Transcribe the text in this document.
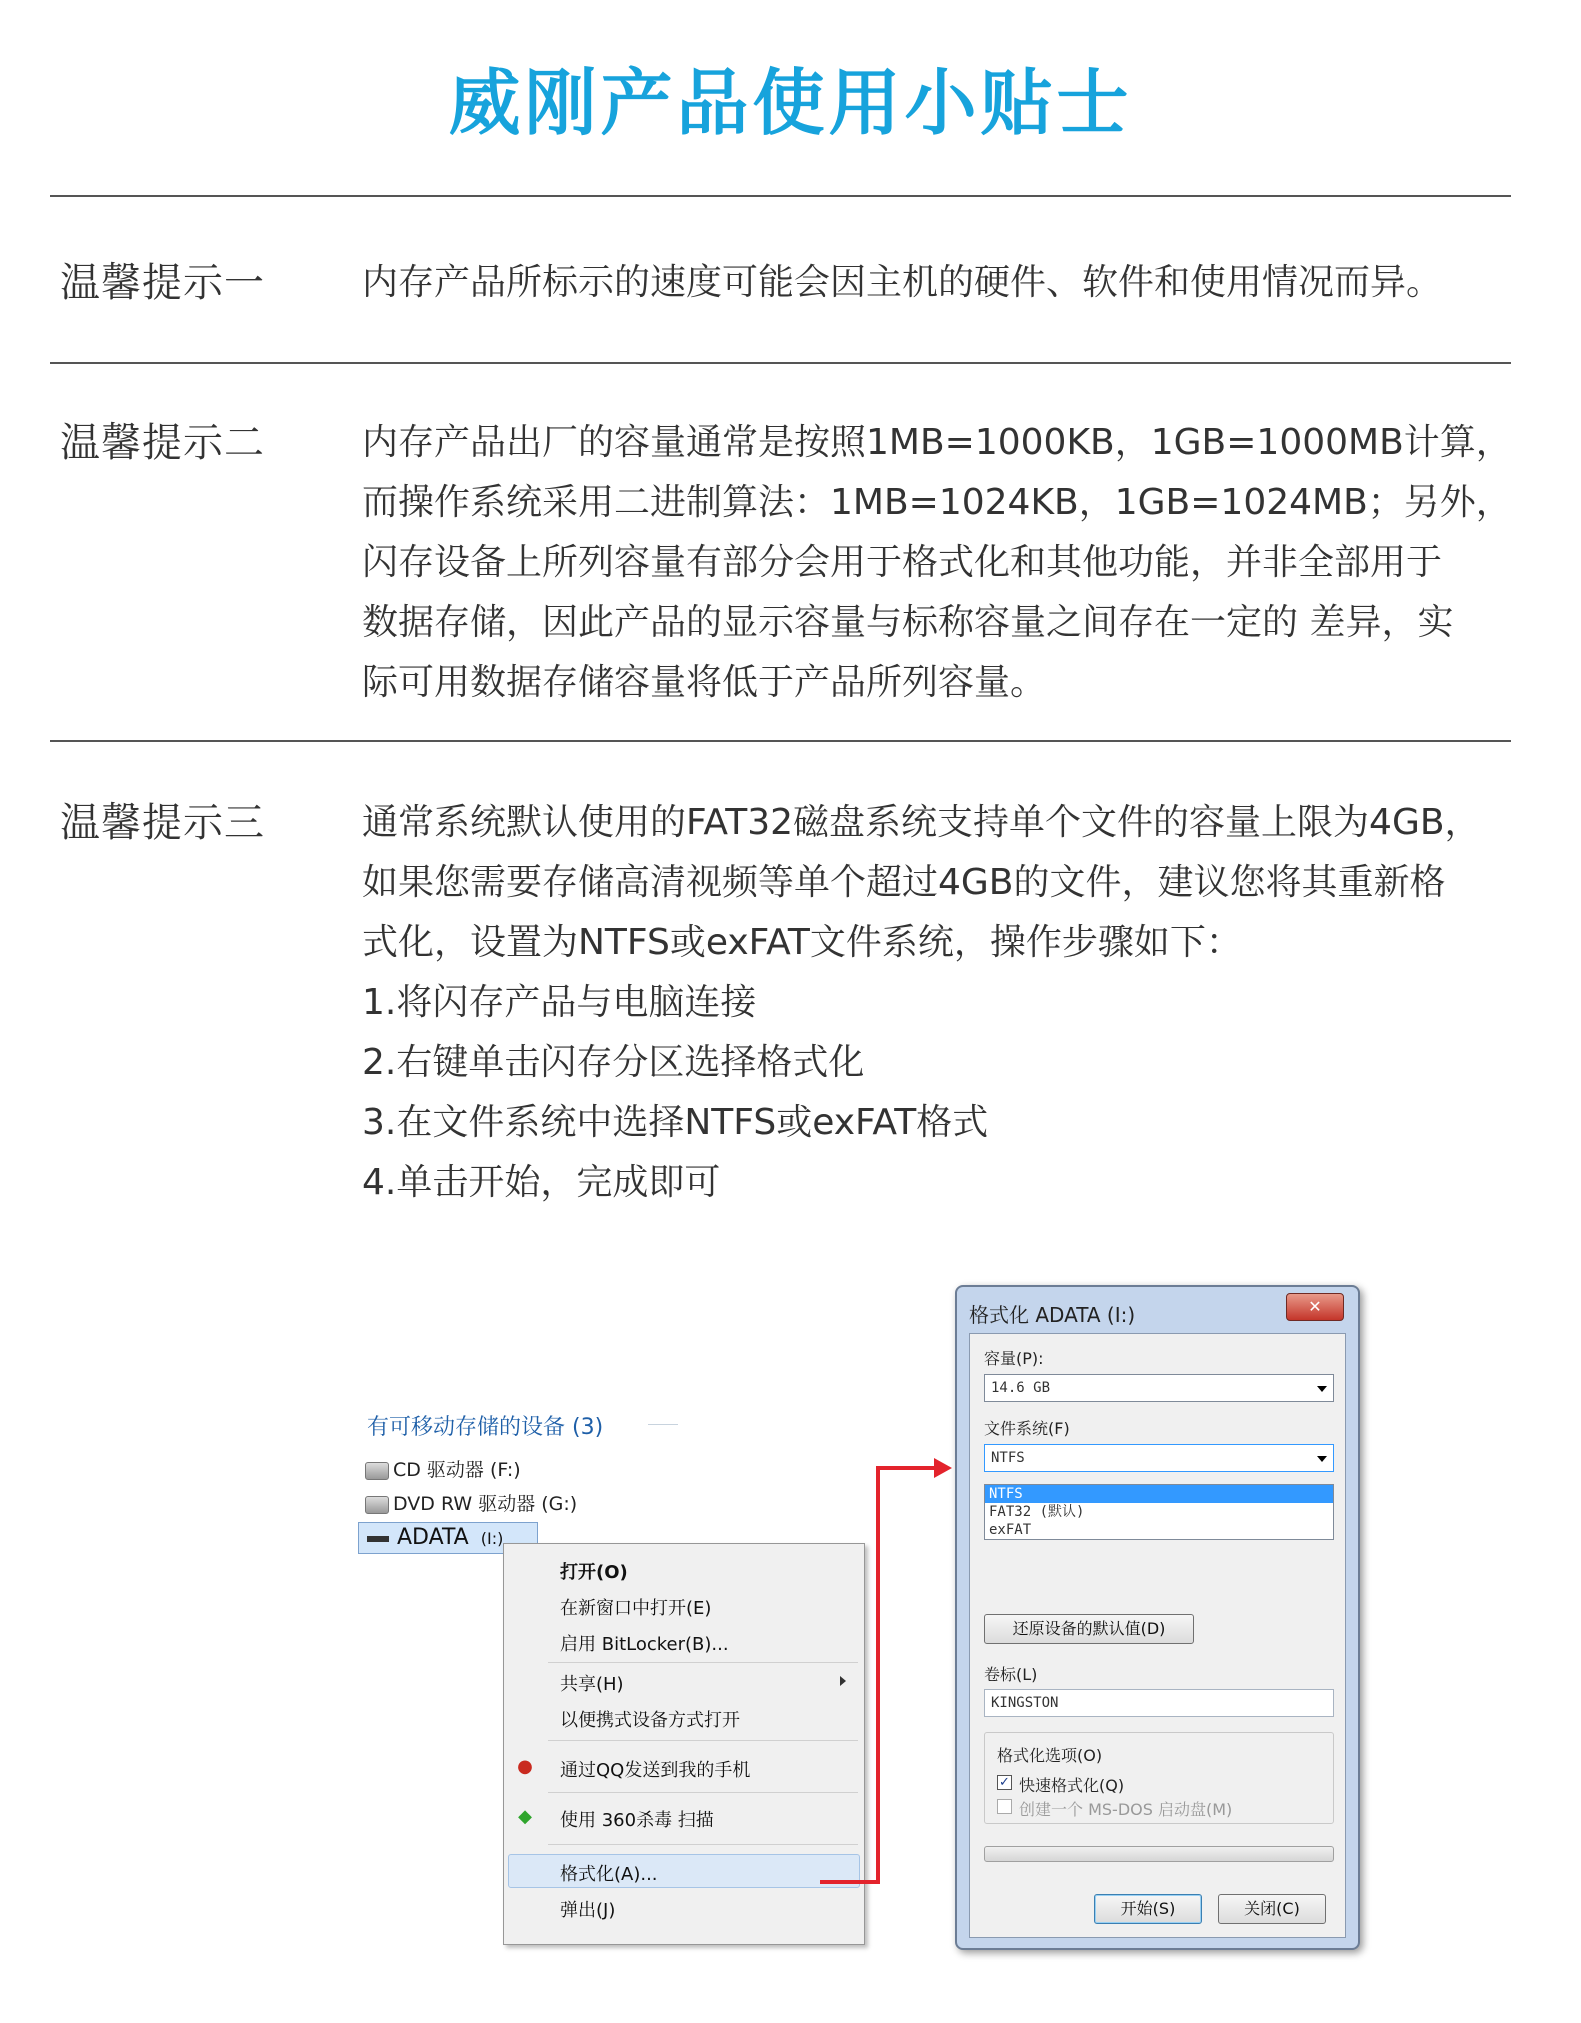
威刚产品使用小贴士
温馨提示一	内存产品所标示的速度可能会因主机的硬件、软件和使用情况而异。
温馨提示二	内存产品出厂的容量通常是按照1MB=1000KB，1GB=1000MB计算，
而操作系统采用二进制算法：1MB=1024KB，1GB=1024MB；另外，
闪存设备上所列容量有部分会用于格式化和其他功能，并非全部用于
数据存储，因此产品的显示容量与标称容量之间存在一定的 差异，实
际可用数据存储容量将低于产品所列容量。
温馨提示三	通常系统默认使用的FAT32磁盘系统支持单个文件的容量上限为4GB，
如果您需要存储高清视频等单个超过4GB的文件，建议您将其重新格
式化，设置为NTFS或exFAT文件系统，操作步骤如下：
1.将闪存产品与电脑连接
2.右键单击闪存分区选择格式化
3.在文件系统中选择NTFS或exFAT格式
4.单击开始，完成即可
有可移动存储的设备 (3)
CD 驱动器 (F:)
DVD RW 驱动器 (G:)
ADATA (I:)
打开(O)
在新窗口中打开(E)
启用 BitLocker(B)...
共享(H)
以便携式设备方式打开
● 通过QQ发送到我的手机
◆ 使用 360杀毒 扫描
格式化(A)...
弹出(J)
格式化 ADATA (I:)	✕
容量(P):
14.6 GB
文件系统(F)
NTFS
NTFS
FAT32 (默认)
exFAT
还原设备的默认值(D)
卷标(L)
KINGSTON
格式化选项(O)
✓ 快速格式化(Q)
创建一个 MS-DOS 启动盘(M)
开始(S)	关闭(C)
